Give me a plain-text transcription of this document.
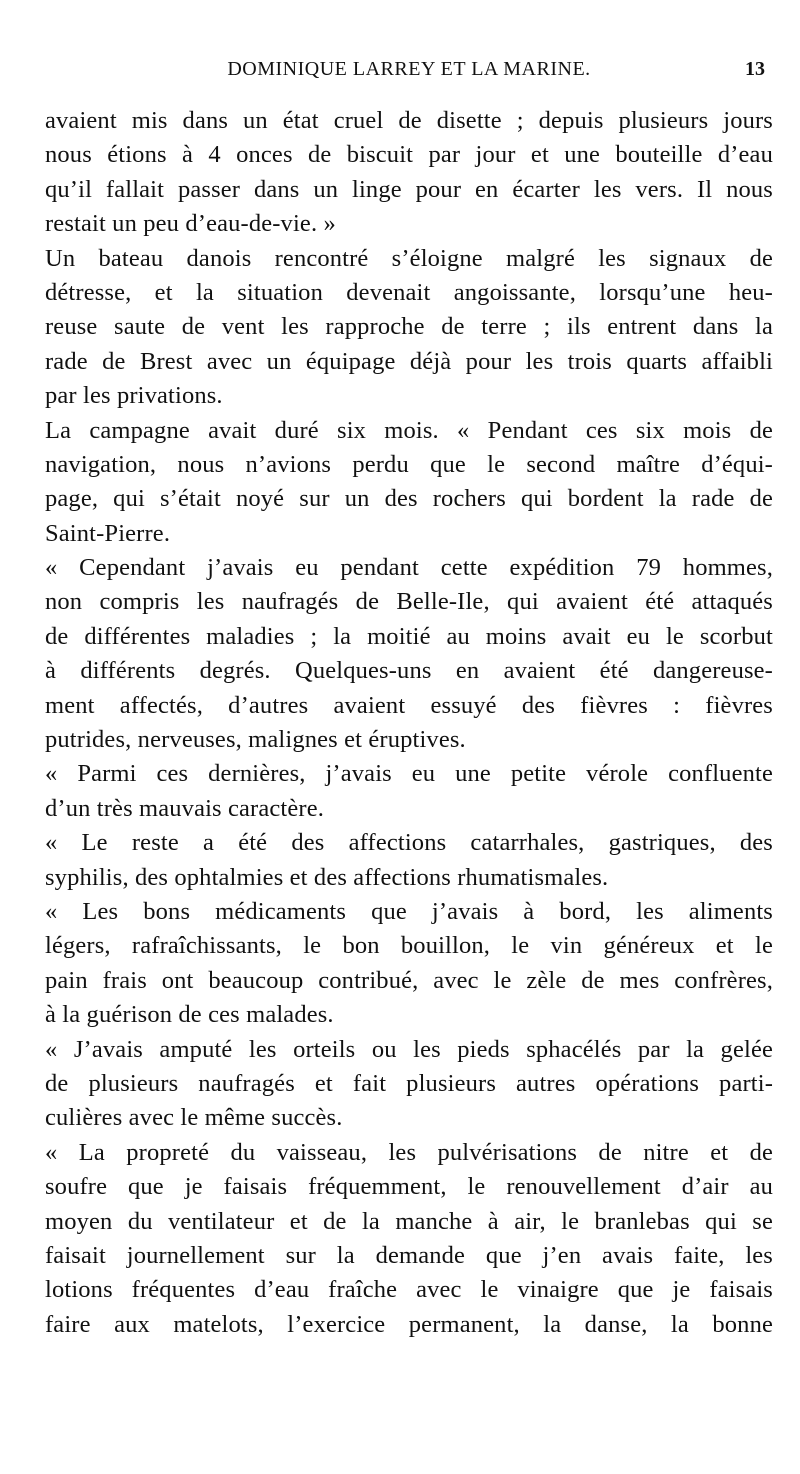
DOMINIQUE LARREY ET LA MARINE.	13
avaient mis dans un état cruel de disette ; depuis plusieurs jours
nous étions à 4 onces de biscuit par jour et une bouteille d’eau
qu’il fallait passer dans un linge pour en écarter les vers. Il nous
restait un peu d’eau-de-vie. »
Un bateau danois rencontré s’éloigne malgré les signaux de
détresse, et la situation devenait angoissante, lorsqu’une heu-
reuse saute de vent les rapproche de terre ; ils entrent dans la
rade de Brest avec un équipage déjà pour les trois quarts affaibli
par les privations.
La campagne avait duré six mois. « Pendant ces six mois de
navigation, nous n’avions perdu que le second maître d’équi-
page, qui s’était noyé sur un des rochers qui bordent la rade de
Saint-Pierre.
« Cependant j’avais eu pendant cette expédition 79 hommes,
non compris les naufragés de Belle-Ile, qui avaient été attaqués
de différentes maladies ; la moitié au moins avait eu le scorbut
à différents degrés. Quelques-uns en avaient été dangereuse-
ment affectés, d’autres avaient essuyé des fièvres : fièvres
putrides, nerveuses, malignes et éruptives.
« Parmi ces dernières, j’avais eu une petite vérole confluente
d’un très mauvais caractère.
« Le reste a été des affections catarrhales, gastriques, des
syphilis, des ophtalmies et des affections rhumatismales.
« Les bons médicaments que j’avais à bord, les aliments
légers, rafraîchissants, le bon bouillon, le vin généreux et le
pain frais ont beaucoup contribué, avec le zèle de mes confrères,
à la guérison de ces malades.
« J’avais amputé les orteils ou les pieds sphacélés par la gelée
de plusieurs naufragés et fait plusieurs autres opérations parti-
culières avec le même succès.
« La propreté du vaisseau, les pulvérisations de nitre et de
soufre que je faisais fréquemment, le renouvellement d’air au
moyen du ventilateur et de la manche à air, le branlebas qui se
faisait journellement sur la demande que j’en avais faite, les
lotions fréquentes d’eau fraîche avec le vinaigre que je faisais
faire aux matelots, l’exercice permanent, la danse, la bonne
